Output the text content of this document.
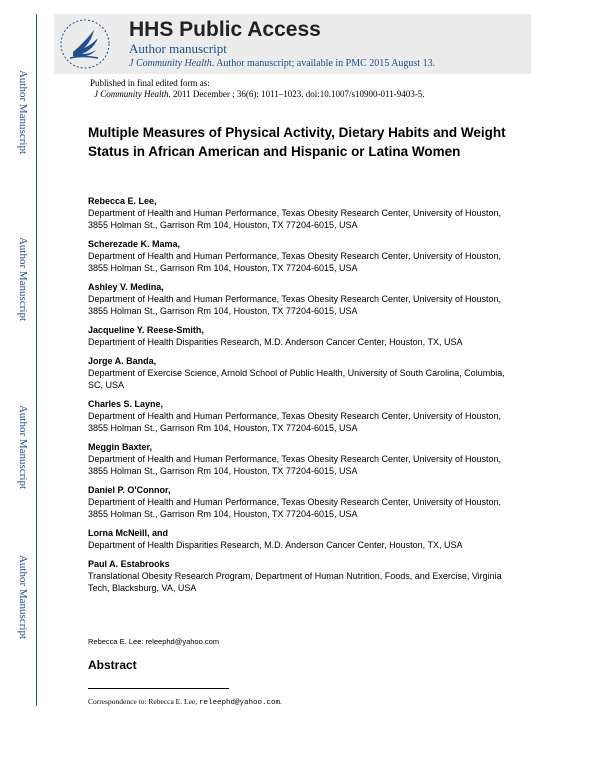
Author Manuscript
Author Manuscript
Author Manuscript
Author Manuscript
HHS Public Access
Author manuscript
J Community Health. Author manuscript; available in PMC 2015 August 13.
Published in final edited form as:
J Community Health. 2011 December ; 36(6): 1011–1023. doi:10.1007/s10900-011-9403-5.
Multiple Measures of Physical Activity, Dietary Habits and Weight Status in African American and Hispanic or Latina Women
Rebecca E. Lee,
Department of Health and Human Performance, Texas Obesity Research Center, University of Houston, 3855 Holman St., Garrison Rm 104, Houston, TX 77204-6015, USA
Scherezade K. Mama,
Department of Health and Human Performance, Texas Obesity Research Center, University of Houston, 3855 Holman St., Garrison Rm 104, Houston, TX 77204-6015, USA
Ashley V. Medina,
Department of Health and Human Performance, Texas Obesity Research Center, University of Houston, 3855 Holman St., Garrison Rm 104, Houston, TX 77204-6015, USA
Jacqueline Y. Reese-Smith,
Department of Health Disparities Research, M.D. Anderson Cancer Center, Houston, TX, USA
Jorge A. Banda,
Department of Exercise Science, Arnold School of Public Health, University of South Carolina, Columbia, SC, USA
Charles S. Layne,
Department of Health and Human Performance, Texas Obesity Research Center, University of Houston, 3855 Holman St., Garrison Rm 104, Houston, TX 77204-6015, USA
Meggin Baxter,
Department of Health and Human Performance, Texas Obesity Research Center, University of Houston, 3855 Holman St., Garrison Rm 104, Houston, TX 77204-6015, USA
Daniel P. O'Connor,
Department of Health and Human Performance, Texas Obesity Research Center, University of Houston, 3855 Holman St., Garrison Rm 104, Houston, TX 77204-6015, USA
Lorna McNeill, and
Department of Health Disparities Research, M.D. Anderson Cancer Center, Houston, TX, USA
Paul A. Estabrooks
Translational Obesity Research Program, Department of Human Nutrition, Foods, and Exercise, Virginia Tech, Blacksburg, VA, USA
Rebecca E. Lee: releephd@yahoo.com
Abstract
Correspondence to: Rebecca E. Lee, releephd@yahoo.com.
